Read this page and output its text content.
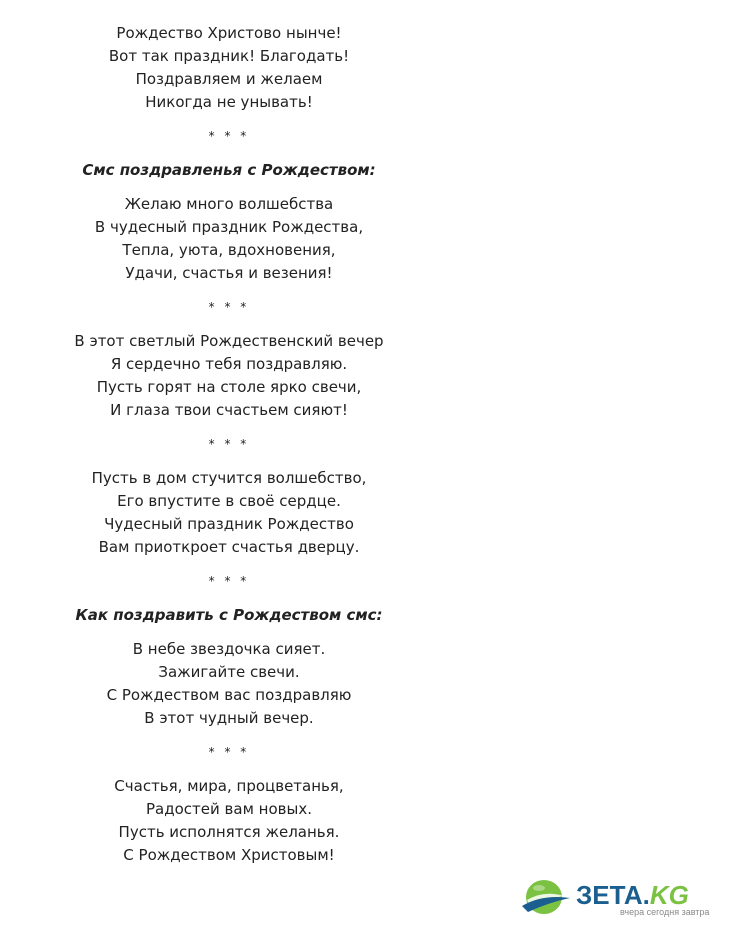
Рождество Христово нынче!
Вот так праздник! Благодать!
Поздравляем и желаем
Никогда не унывать!
* * *
Смс поздравленья с Рождеством:
Желаю много волшебства
В чудесный праздник Рождества,
Тепла, уюта, вдохновения,
Удачи, счастья и везения!
* * *
В этот светлый Рождественский вечер
Я сердечно тебя поздравляю.
Пусть горят на столе ярко свечи,
И глаза твои счастьем сияют!
* * *
Пусть в дом стучится волшебство,
Его впустите в своё сердце.
Чудесный праздник Рождество
Вам приоткроет счастья дверцу.
* * *
Как поздравить с Рождеством смс:
В небе звездочка сияет.
Зажигайте свечи.
С Рождеством вас поздравляю
В этот чудный вечер.
* * *
Счастья, мира, процветанья,
Радостей вам новых.
Пусть исполнятся желанья.
С Рождеством Христовым!
ЗЕТА.KG
вчера сегодня завтра
